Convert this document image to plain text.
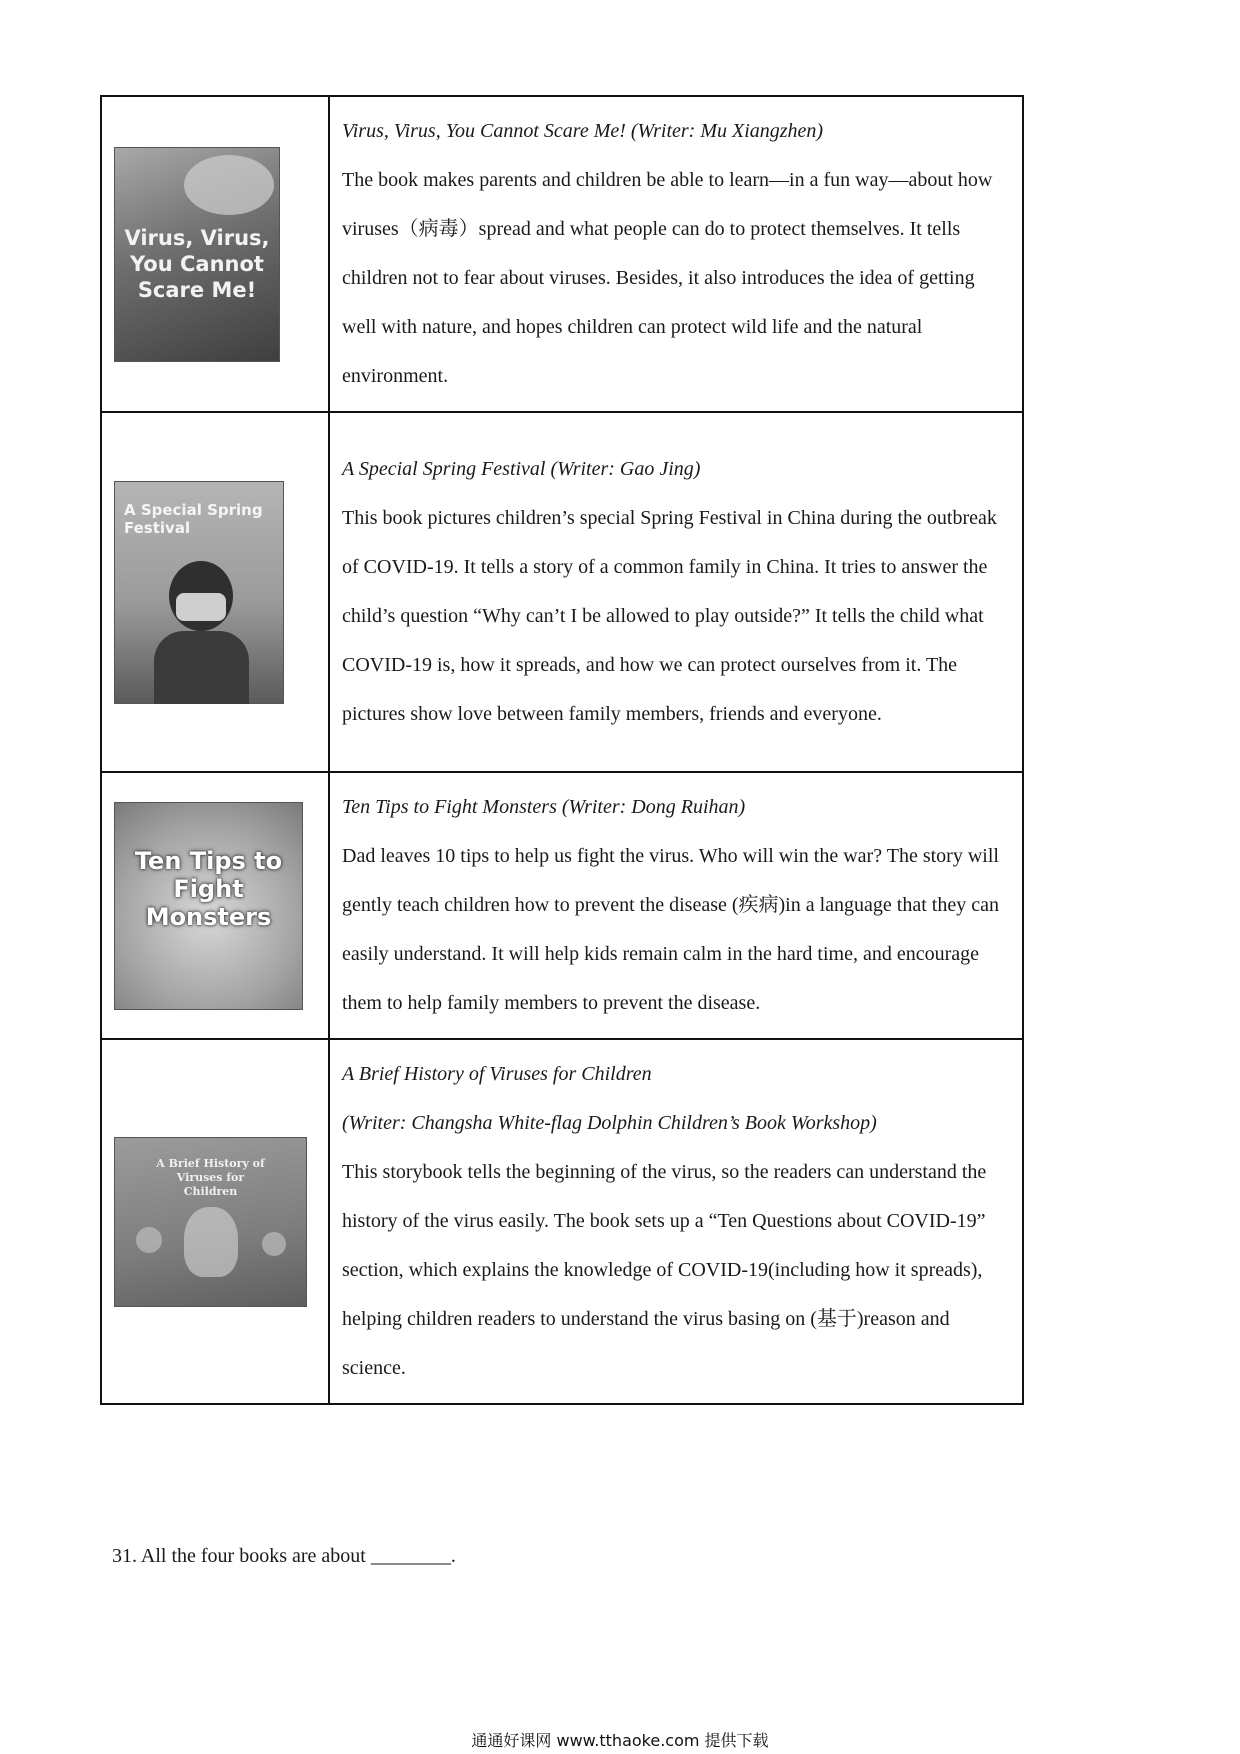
Virus, Virus, You Cannot Scare Me!	Virus, Virus, You Cannot Scare Me! (Writer: Mu Xiangzhen)

The book makes parents and children be able to learn—in a fun way—about how viruses（病毒）spread and what people can do to protect themselves. It tells children not to fear about viruses. Besides, it also introduces the idea of getting well with nature, and hopes children can protect wild life and the natural environment.

A Special Spring Festival	A Special Spring Festival (Writer: Gao Jing)

This book pictures children’s special Spring Festival in China during the outbreak of COVID-19. It tells a story of a common family in China. It tries to answer the child’s question “Why can’t I be allowed to play outside?” It tells the child what COVID-19 is, how it spreads, and how we can protect ourselves from it. The pictures show love between family members, friends and everyone.

Ten Tips to Fight Monsters	Ten Tips to Fight Monsters (Writer: Dong Ruihan)

Dad leaves 10 tips to help us fight the virus. Who will win the war? The story will gently teach children how to prevent the disease (疾病)in a language that they can easily understand. It will help kids remain calm in the hard time, and encourage them to help family members to prevent the disease.

A Brief History of Viruses for Children	A Brief History of Viruses for Children

(Writer: Changsha White-flag Dolphin Children’s Book Workshop)

This storybook tells the beginning of the virus, so the readers can understand the history of the virus easily. The book sets up a “Ten Questions about COVID-19” section, which explains the knowledge of COVID-19(including how it spreads), helping children readers to understand the virus basing on (基于)reason and science.

31. All the four books are about ________.

通通好课网 www.tthaoke.com 提供下载
